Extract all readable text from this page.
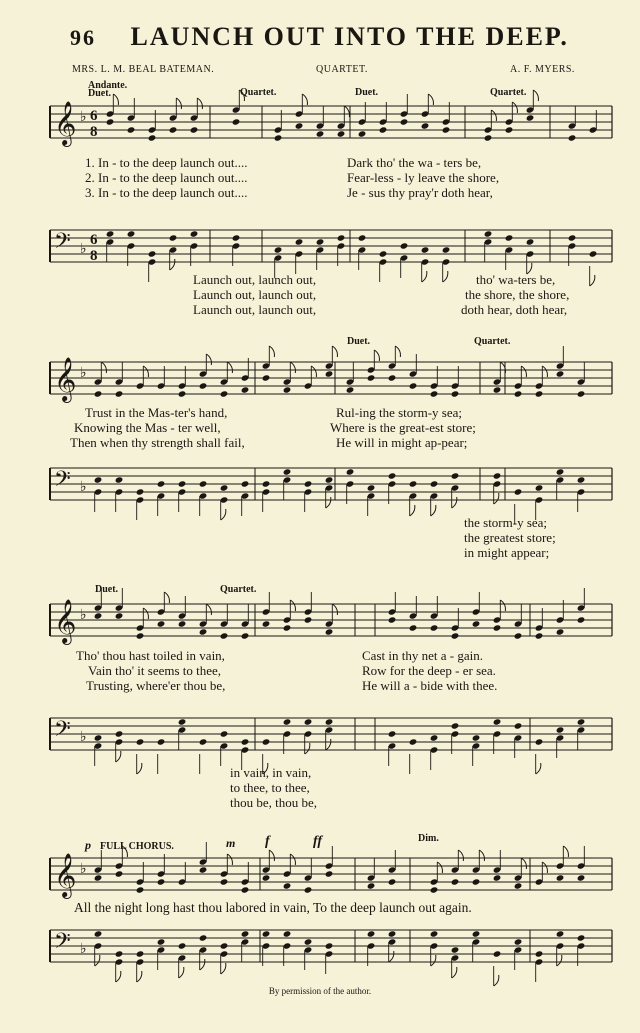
96 LAUNCH OUT INTO THE DEEP.
MRS. L. M. BEAL BATEMAN.	QUARTET.	A. F. MYERS.
𝄞 ♭ 6
8
𝄢 ♭
6
8
𝄞 ♭
𝄢 ♭
𝄞 ♭
𝄢 ♭
𝄞 ♭
𝄢 ♭
Andante.
Duet.	Quartet.	Duet.	Quartet.
1. In - to the deep launch out....
2. In - to the deep launch out....
3. In - to the deep launch out....
Dark tho' the wa - ters be,
Fear-less - ly leave the shore,
Je - sus thy pray'r doth hear,
Launch out, launch out,
Launch out, launch out,
Launch out, launch out,
tho' wa-ters be,
the shore, the shore,
doth hear, doth hear,
Duet.	Quartet.
Trust in the Mas-ter's hand,
Knowing the Mas - ter well,
Then when thy strength shall fail,
Rul-ing the storm-y sea;
Where is the great-est store;
He will in might ap-pear;
the storm-y sea;
the greatest store;
in might appear;
Duet.	Quartet.
Tho' thou hast toiled in vain,
Vain tho' it seems to thee,
Trusting, where'er thou be,
Cast in thy net a - gain.
Row for the deep - er sea.
He will a - bide with thee.
in vain, in vain,
to thee, to thee,
thou be, thou be,
p FULL CHORUS.	m f	ff	Dim.
All the night long hast thou labored in vain, To the deep launch out again.
By permission of the author.
